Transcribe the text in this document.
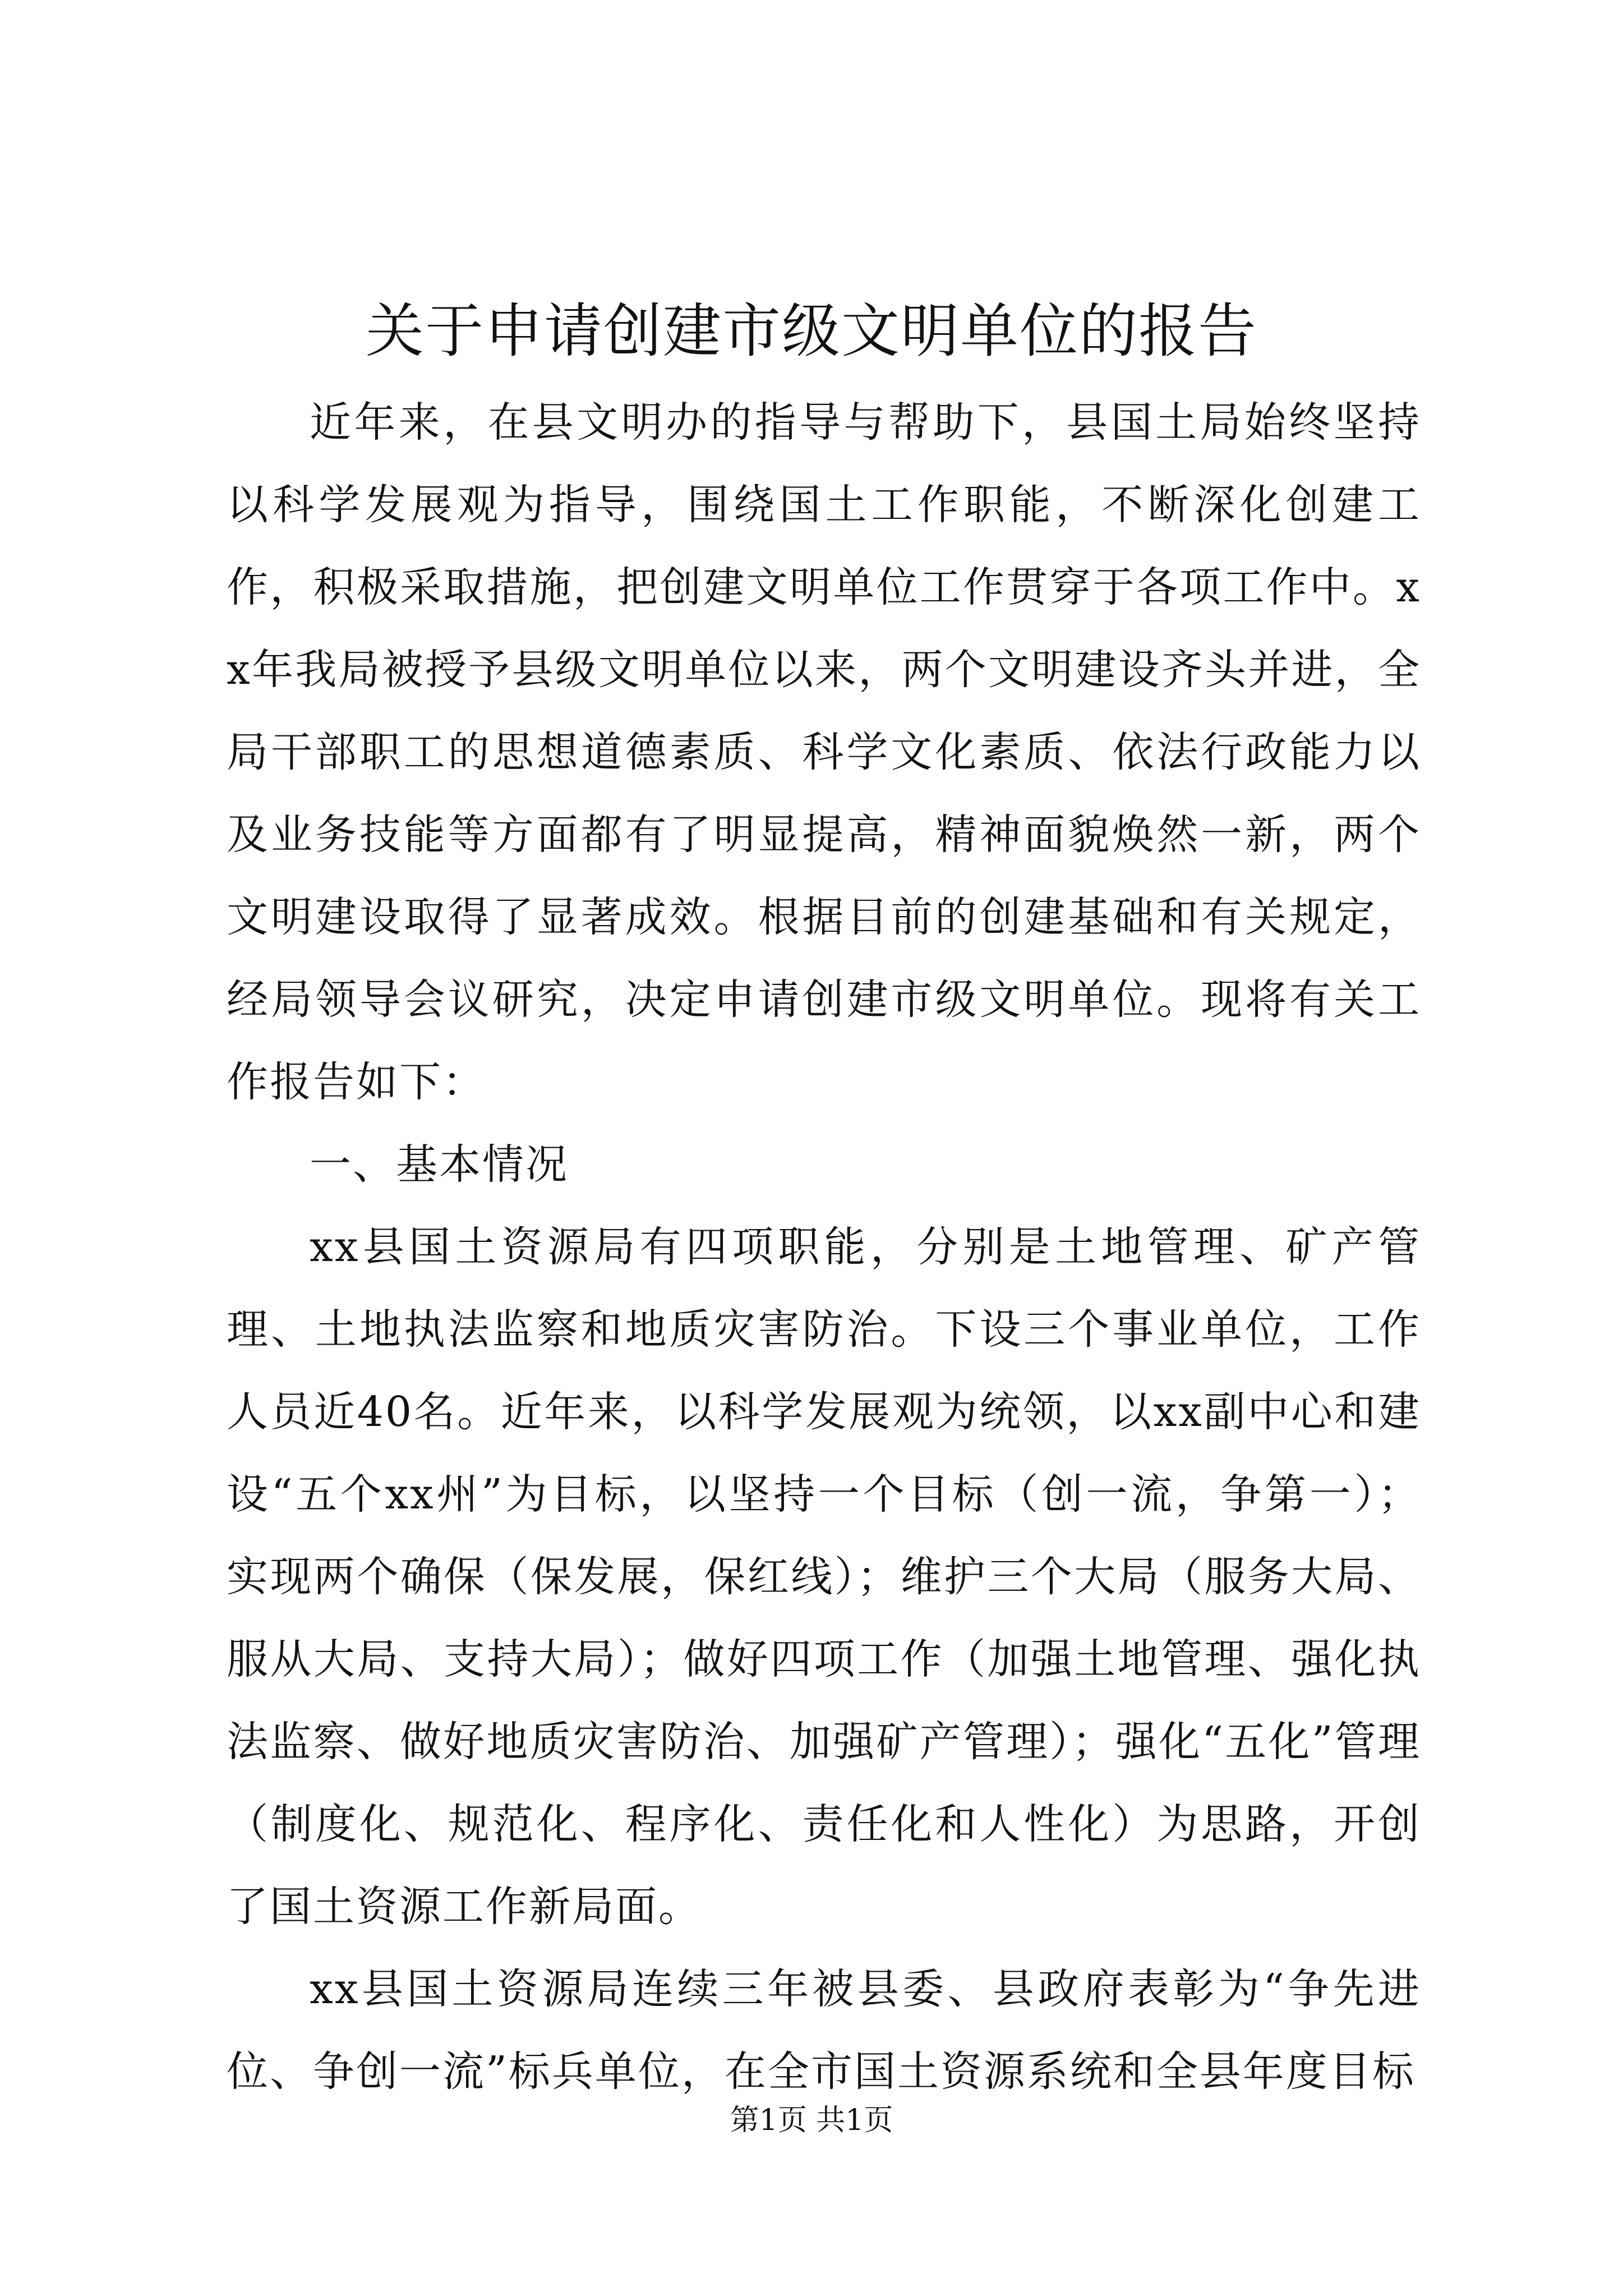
关于申请创建市级文明单位的报告

近年来，在县文明办的指导与帮助下，县国土局始终坚持以科学发展观为指导，围绕国土工作职能，不断深化创建工作，积极采取措施，把创建文明单位工作贯穿于各项工作中。xx年我局被授予县级文明单位以来，两个文明建设齐头并进，全局干部职工的思想道德素质、科学文化素质、依法行政能力以及业务技能等方面都有了明显提高，精神面貌焕然一新，两个文明建设取得了显著成效。根据目前的创建基础和有关规定，经局领导会议研究，决定申请创建市级文明单位。现将有关工作报告如下：

一、基本情况

xx县国土资源局有四项职能，分别是土地管理、矿产管理、土地执法监察和地质灾害防治。下设三个事业单位，工作人员近40名。近年来，以科学发展观为统领，以xx副中心和建设“五个xx州”为目标，以坚持一个目标（创一流，争第一）；实现两个确保（保发展，保红线）；维护三个大局（服务大局、服从大局、支持大局）；做好四项工作（加强土地管理、强化执法监察、做好地质灾害防治、加强矿产管理）；强化“五化”管理（制度化、规范化、程序化、责任化和人性化）为思路，开创了国土资源工作新局面。

xx县国土资源局连续三年被县委、县政府表彰为“争先进位、争创一流”标兵单位，在全市国土资源系统和全县年度目标

第1页 共1页
